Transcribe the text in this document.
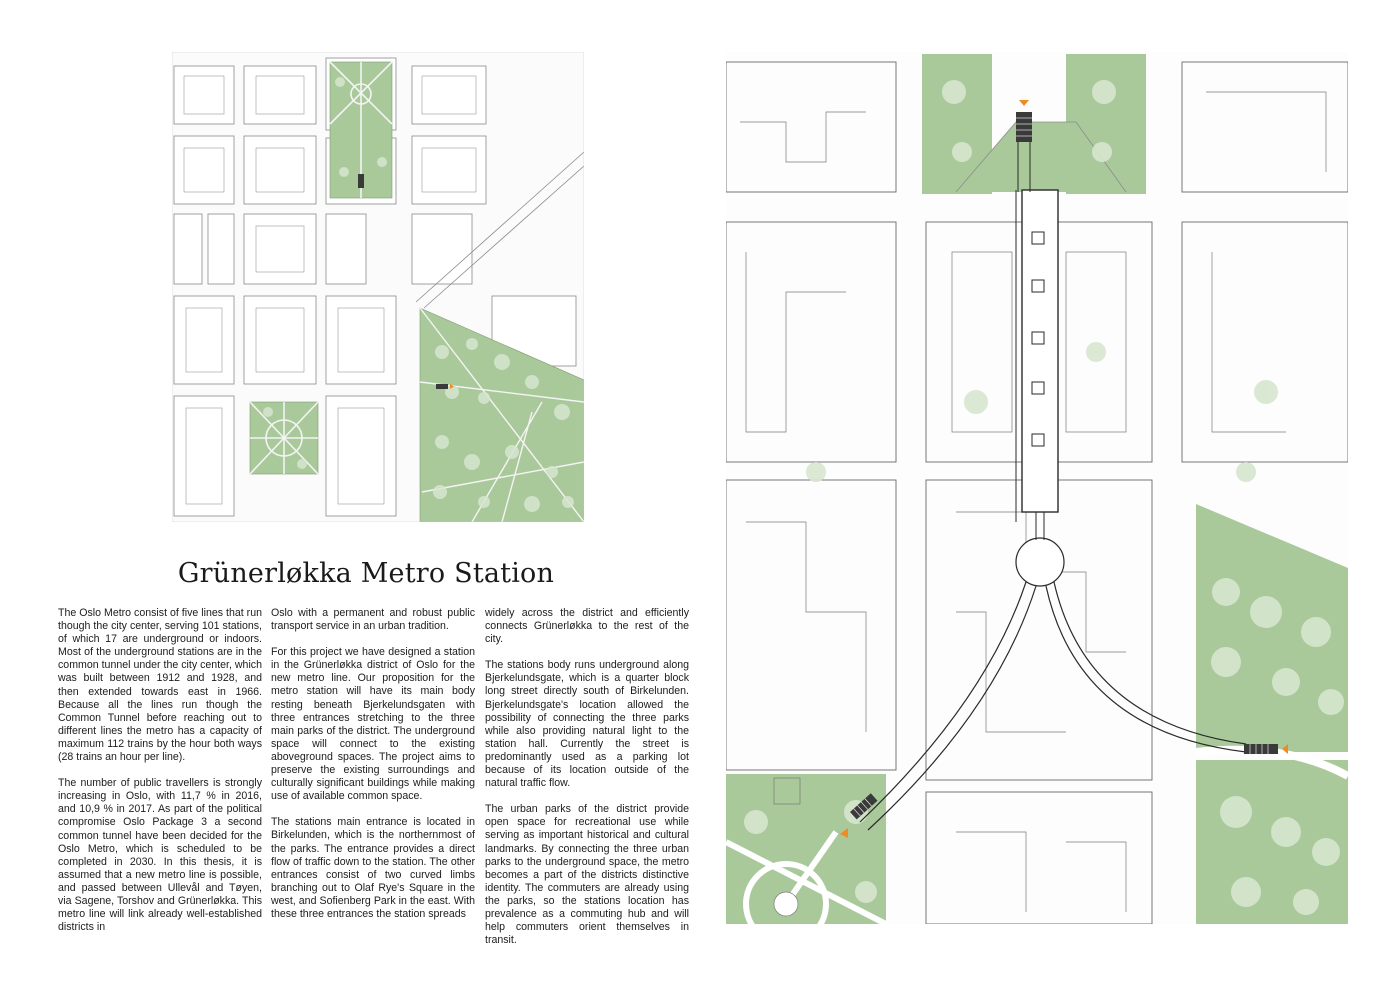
Grünerløkka Metro Station

The Oslo Metro consist of five lines that run though the city center, serving 101 stations, of which 17 are underground or indoors. Most of the underground stations are in the common tunnel under the city center, which was built between 1912 and 1928, and then extended towards east in 1966. Because all the lines run though the Common Tunnel before reaching out to different lines the metro has a capacity of maximum 112 trains by the hour both ways (28 trains an hour per line).

The number of public travellers is strongly increasing in Oslo, with 11,7 % in 2016, and 10,9 % in 2017. As part of the political compromise Oslo Package 3 a second common tunnel have been decided for the Oslo Metro, which is scheduled to be completed in 2030. In this thesis, it is assumed that a new metro line is possible, and passed between Ullevål and Tøyen, via Sagene, Torshov and Grünerløkka. This metro line will link already well-established districts in

Oslo with a permanent and robust public transport service in an urban tradition.

For this project we have designed a station in the Grünerløkka district of Oslo for the new metro line. Our proposition for the metro station will have its main body resting beneath Bjerkelundsgaten with three entrances stretching to the three main parks of the district. The underground space will connect to the existing aboveground spaces. The project aims to preserve the existing surroundings and culturally significant buildings while making use of available common space.

The stations main entrance is located in Birkelunden, which is the northernmost of the parks. The entrance provides a direct flow of traffic down to the station. The other entrances consist of two curved limbs branching out to Olaf Rye's Square in the west, and Sofienberg Park in the east. With these three entrances the station spreads

widely across the district and efficiently connects Grünerløkka to the rest of the city.

The stations body runs underground along Bjerkelundsgate, which is a quarter block long street directly south of Birkelunden. Bjerkelundsgate's location allowed the possibility of connecting the three parks while also providing natural light to the station hall. Currently the street is predominantly used as a parking lot because of its location outside of the natural traffic flow.

The urban parks of the district provide open space for recreational use while serving as important historical and cultural landmarks. By connecting the three urban parks to the underground space, the metro becomes a part of the districts distinctive identity. The commuters are already using the parks, so the stations location has prevalence as a commuting hub and will help commuters orient themselves in transit.
